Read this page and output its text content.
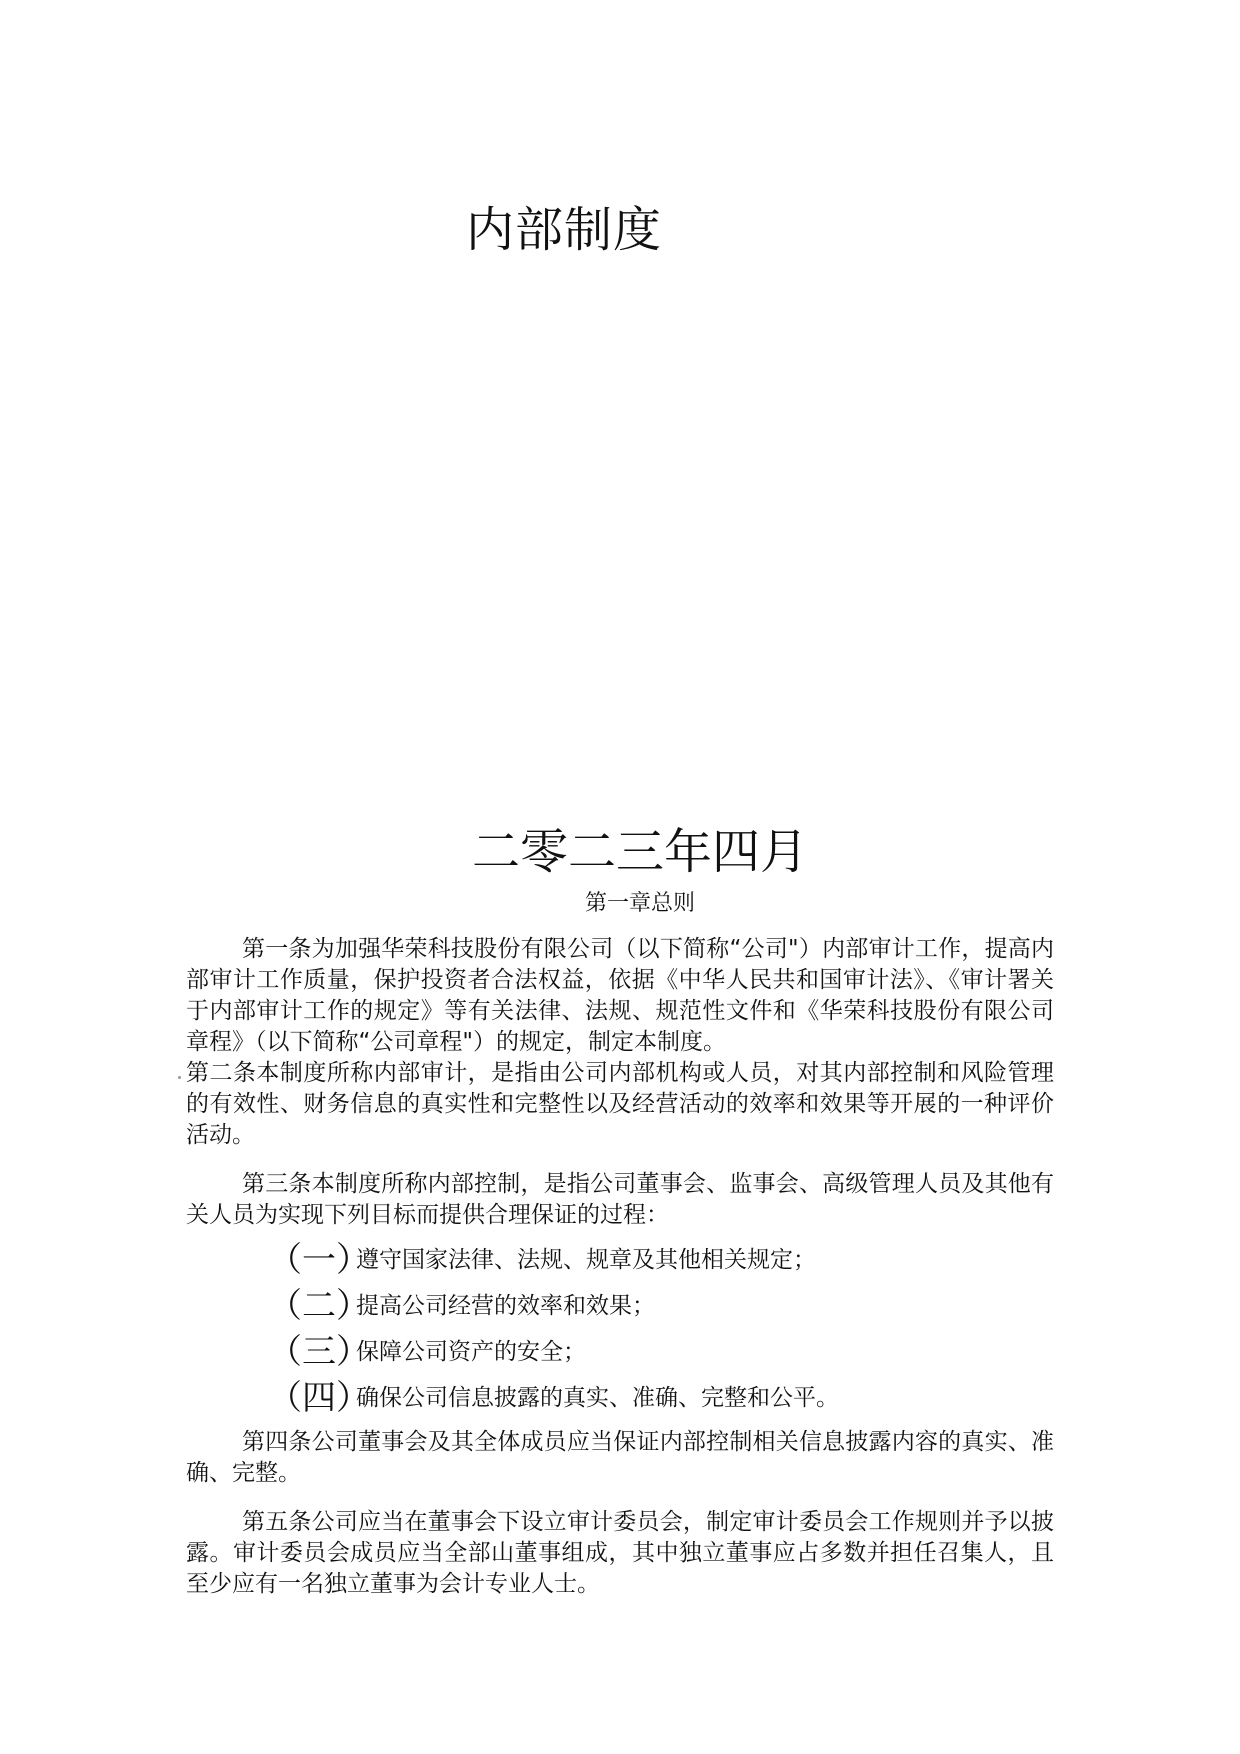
内部制度
二零二三年四月
第一章总则

第一条为加强华荣科技股份有限公司（以下简称“公司"）内部审计工作，提高内部审计工作质量，保护投资者合法权益，依据《中华人民共和国审计法》、《审计署关于内部审计工作的规定》等有关法律、法规、规范性文件和《华荣科技股份有限公司章程》（以下简称“公司章程"）的规定，制定本制度。

第二条本制度所称内部审计，是指由公司内部机构或人员，对其内部控制和风险管理的有效性、财务信息的真实性和完整性以及经营活动的效率和效果等开展的一种评价活动。

第三条本制度所称内部控制，是指公司董事会、监事会、高级管理人员及其他有关人员为实现下列目标而提供合理保证的过程：

（一）
遵守国家法律、法规、规章及其他相关规定；
（二）
提高公司经营的效率和效果；
（三）
保障公司资产的安全；
（四）
确保公司信息披露的真实、准确、完整和公平。

第四条公司董事会及其全体成员应当保证内部控制相关信息披露内容的真实、准确、完整。

第五条公司应当在董事会下设立审计委员会，制定审计委员会工作规则并予以披露。审计委员会成员应当全部山董事组成，其中独立董事应占多数并担任召集人，且至少应有一名独立董事为会计专业人士。
